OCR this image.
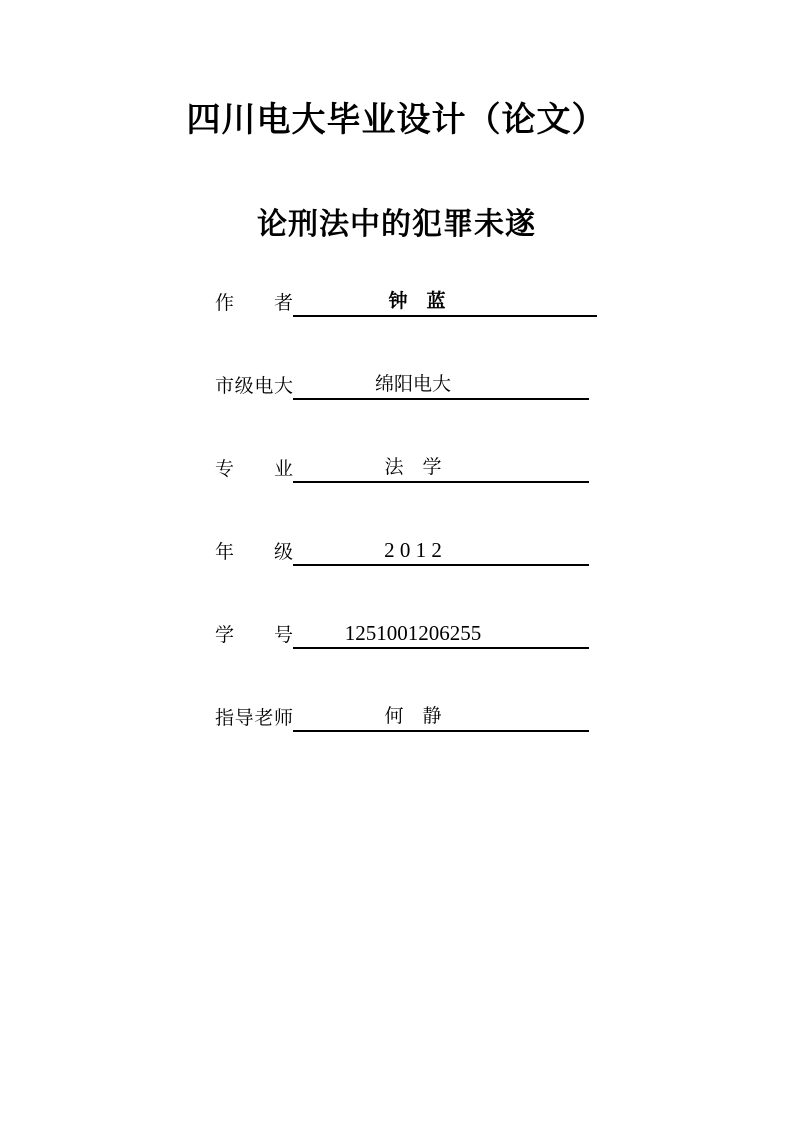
四川电大毕业设计（论文）
论刑法中的犯罪未遂
作　者	钟　蓝
市级电大	绵阳电大
专　业	法　学
年　级	2 0 1 2
学　号	1251001206255
指导老师	何　静
